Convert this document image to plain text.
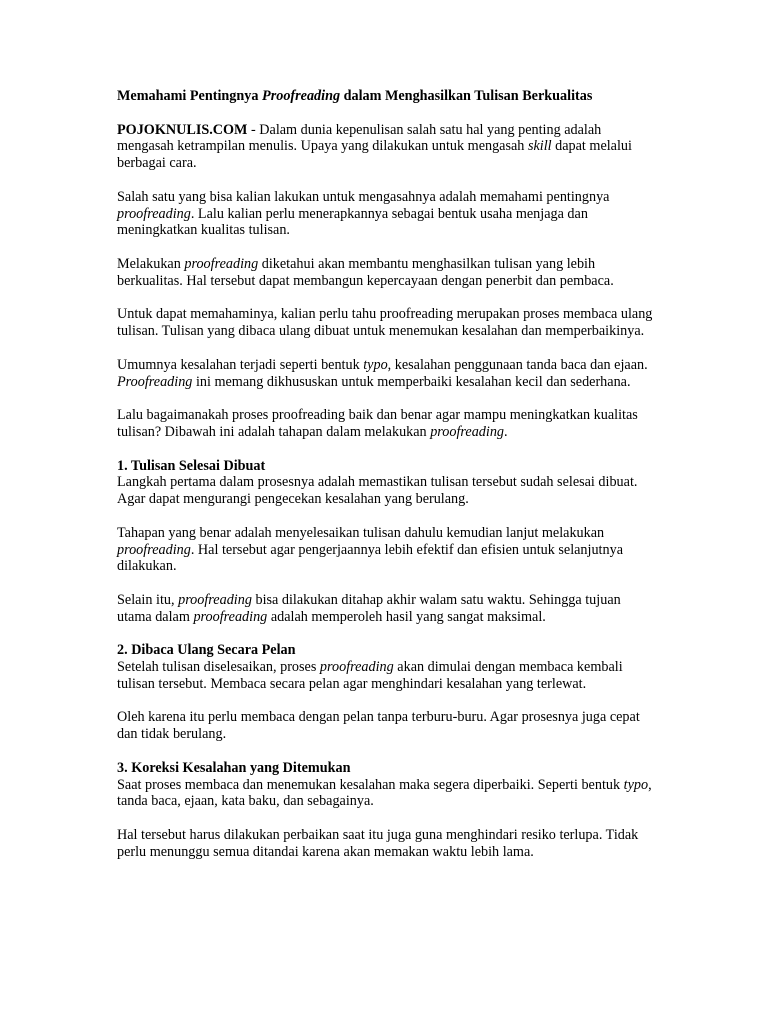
Memahami Pentingnya Proofreading dalam Menghasilkan Tulisan Berkualitas

POJOKNULIS.COM - Dalam dunia kepenulisan salah satu hal yang penting adalah mengasah ketrampilan menulis. Upaya yang dilakukan untuk mengasah skill dapat melalui berbagai cara.

Salah satu yang bisa kalian lakukan untuk mengasahnya adalah memahami pentingnya proofreading. Lalu kalian perlu menerapkannya sebagai bentuk usaha menjaga dan meningkatkan kualitas tulisan.

Melakukan proofreading diketahui akan membantu menghasilkan tulisan yang lebih berkualitas. Hal tersebut dapat membangun kepercayaan dengan penerbit dan pembaca.

Untuk dapat memahaminya, kalian perlu tahu proofreading merupakan proses membaca ulang tulisan. Tulisan yang dibaca ulang dibuat untuk menemukan kesalahan dan memperbaikinya.

Umumnya kesalahan terjadi seperti bentuk typo, kesalahan penggunaan tanda baca dan ejaan. Proofreading ini memang dikhususkan untuk memperbaiki kesalahan kecil dan sederhana.

Lalu bagaimanakah proses proofreading baik dan benar agar mampu meningkatkan kualitas tulisan? Dibawah ini adalah tahapan dalam melakukan proofreading.

1. Tulisan Selesai Dibuat
Langkah pertama dalam prosesnya adalah memastikan tulisan tersebut sudah selesai dibuat. Agar dapat mengurangi pengecekan kesalahan yang berulang.

Tahapan yang benar adalah menyelesaikan tulisan dahulu kemudian lanjut melakukan proofreading. Hal tersebut agar pengerjaannya lebih efektif dan efisien untuk selanjutnya dilakukan.

Selain itu, proofreading bisa dilakukan ditahap akhir walam satu waktu. Sehingga tujuan utama dalam proofreading adalah memperoleh hasil yang sangat maksimal.

2. Dibaca Ulang Secara Pelan
Setelah tulisan diselesaikan, proses proofreading akan dimulai dengan membaca kembali tulisan tersebut. Membaca secara pelan agar menghindari kesalahan yang terlewat.

Oleh karena itu perlu membaca dengan pelan tanpa terburu-buru. Agar prosesnya juga cepat dan tidak berulang.

3. Koreksi Kesalahan yang Ditemukan
Saat proses membaca dan menemukan kesalahan maka segera diperbaiki. Seperti bentuk typo, tanda baca, ejaan, kata baku, dan sebagainya.

Hal tersebut harus dilakukan perbaikan saat itu juga guna menghindari resiko terlupa. Tidak perlu menunggu semua ditandai karena akan memakan waktu lebih lama.
